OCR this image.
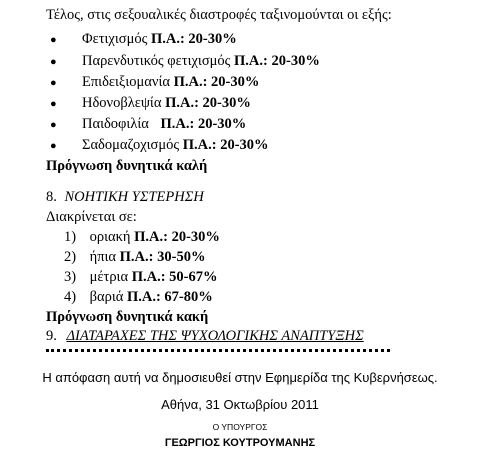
Τέλος, στις σεξουαλικές διαστροφές ταξινομούνται οι εξής:
● Φετιχισμός Π.Α.: 20-30%
● Παρενδυτικός φετιχισμός Π.Α.: 20-30%
● Επιδειξιομανία Π.Α.: 20-30%
● Ηδονοβλεψία Π.Α.: 20-30%
● Παιδοφιλία Π.Α.: 20-30%
● Σαδομαζοχισμός Π.Α.: 20-30%
Πρόγνωση δυνητικά καλή
8. ΝΟΗΤΙΚΗ ΥΣΤΕΡΗΣΗ
Διακρίνεται σε:
1) οριακή Π.Α.: 20-30%
2) ήπια Π.Α.: 30-50%
3) μέτρια Π.Α.: 50-67%
4) βαριά Π.Α.: 67-80%
Πρόγνωση δυνητικά κακή
9. ΔΙΑΤΑΡΑΧΕΣ ΤΗΣ ΨΥΧΟΛΟΓΙΚΗΣ ΑΝΑΠΤΥΞΗΣ
Η απόφαση αυτή να δημοσιευθεί στην Εφημερίδα της Κυβερνήσεως.
Αθήνα, 31 Οκτωβρίου 2011
Ο ΥΠΟΥΡΓΟΣ
ΓΕΩΡΓΙΟΣ ΚΟΥΤΡΟΥΜΑΝΗΣ
